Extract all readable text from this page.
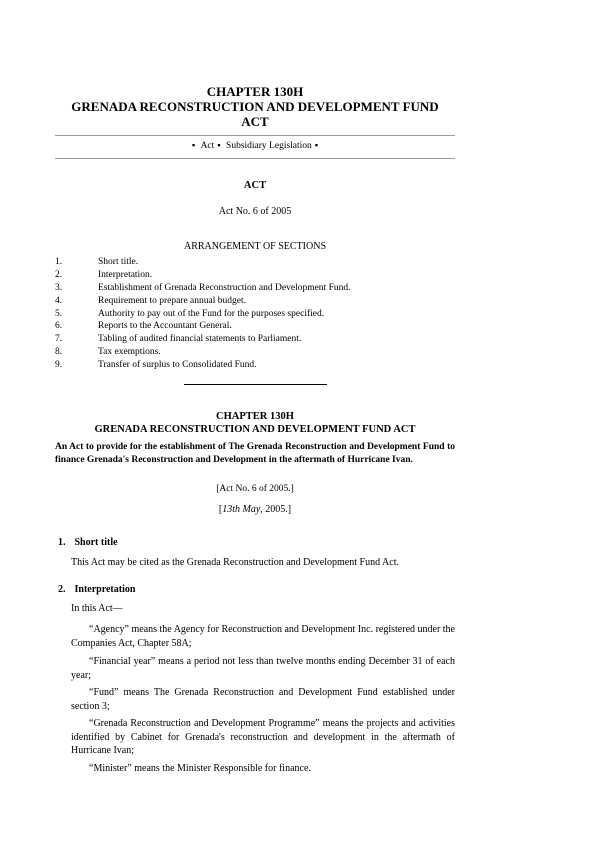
CHAPTER 130H
GRENADA RECONSTRUCTION AND DEVELOPMENT FUND
ACT
▪ Act ▪ Subsidiary Legislation ▪
ACT
Act No. 6 of 2005
ARRANGEMENT OF SECTIONS
1.	Short title.
2.	Interpretation.
3.	Establishment of Grenada Reconstruction and Development Fund.
4.	Requirement to prepare annual budget.
5.	Authority to pay out of the Fund for the purposes specified.
6.	Reports to the Accountant General.
7.	Tabling of audited financial statements to Parliament.
8.	Tax exemptions.
9.	Transfer of surplus to Consolidated Fund.
CHAPTER 130H
GRENADA RECONSTRUCTION AND DEVELOPMENT FUND ACT
An Act to provide for the establishment of The Grenada Reconstruction and Development Fund to finance Grenada's Reconstruction and Development in the aftermath of Hurricane Ivan.
[Act No. 6 of 2005.]
[13th May, 2005.]
1. Short title
This Act may be cited as the Grenada Reconstruction and Development Fund Act.
2. Interpretation
In this Act—
“Agency” means the Agency for Reconstruction and Development Inc. registered under the Companies Act, Chapter 58A;
“Financial year” means a period not less than twelve months ending December 31 of each year;
“Fund” means The Grenada Reconstruction and Development Fund established under section 3;
“Grenada Reconstruction and Development Programme” means the projects and activities identified by Cabinet for Grenada's reconstruction and development in the aftermath of Hurricane Ivan;
“Minister” means the Minister Responsible for finance.
